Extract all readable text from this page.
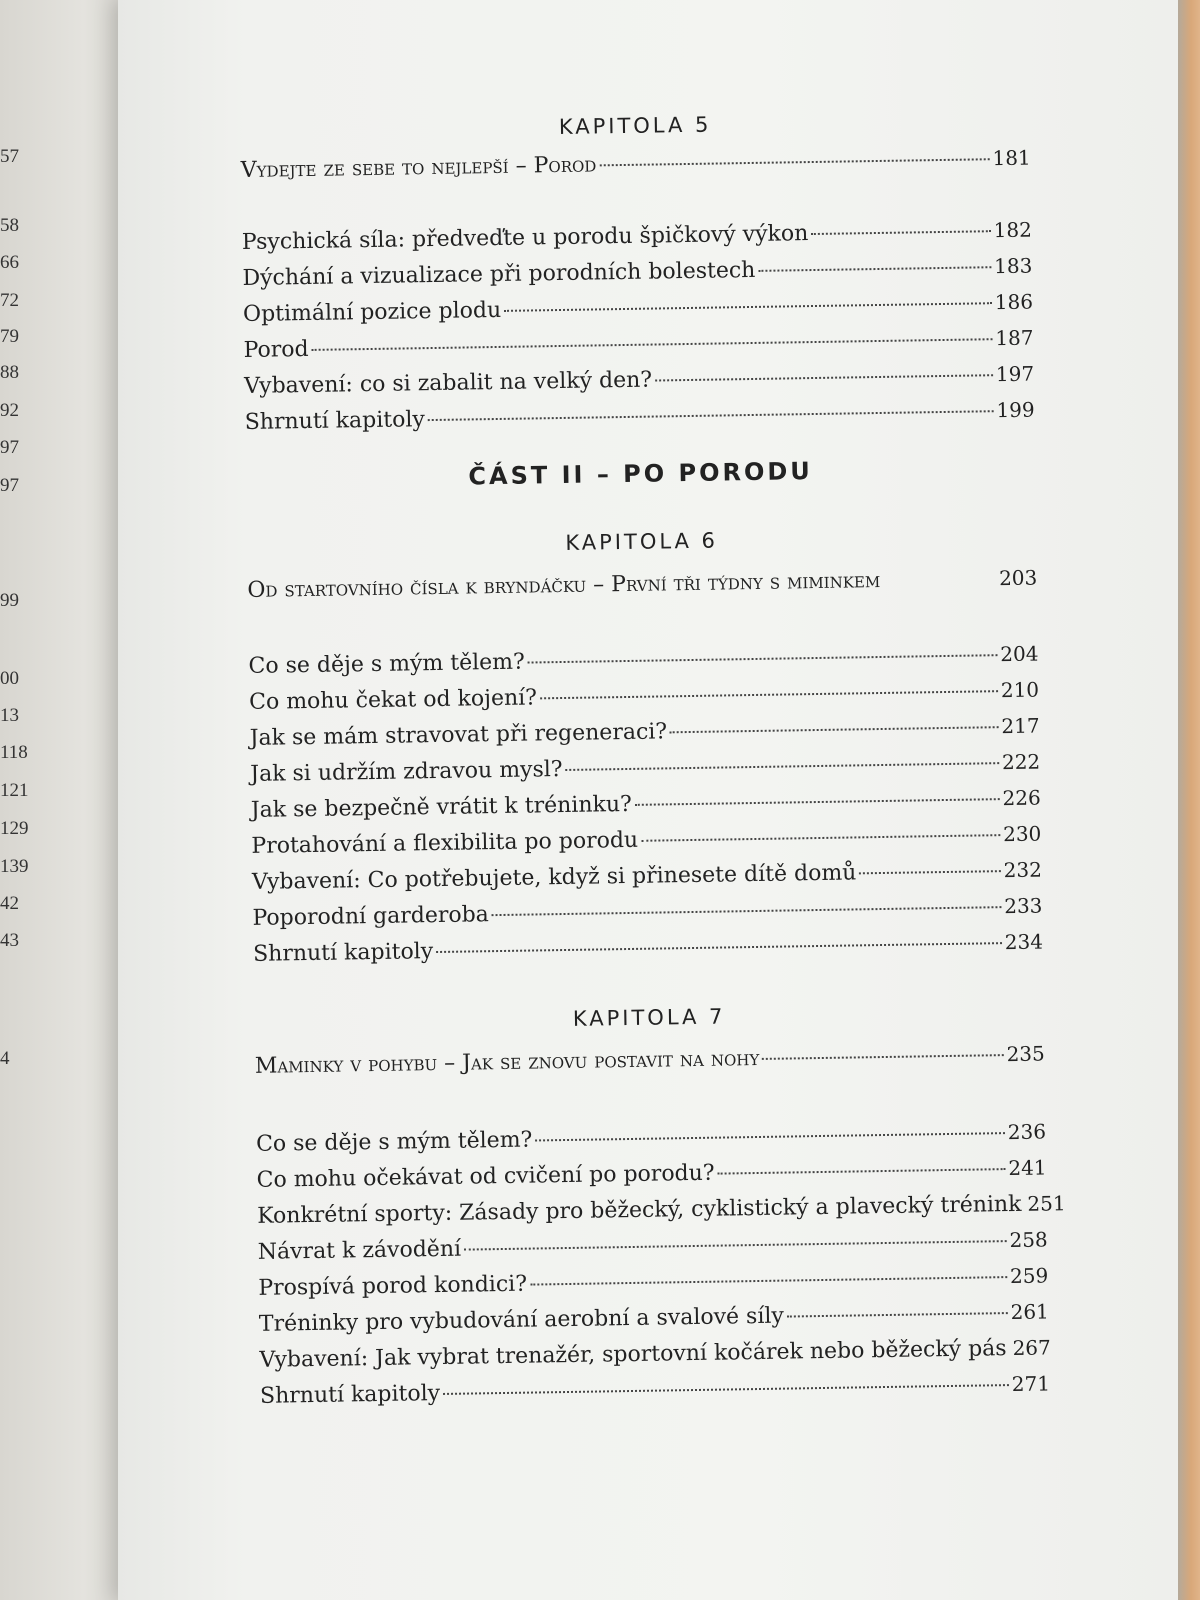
57
58
66
72
79
88
92
97
97
99
00
13
118
121
129
139
42
43
4
KAPITOLA 5
Vydejte ze sebe to nejlepší – Porod	181
Psychická síla: předveďte u porodu špičkový výkon	182
Dýchání a vizualizace při porodních bolestech	183
Optimální pozice plodu	186
Porod	187
Vybavení: co si zabalit na velký den?	197
Shrnutí kapitoly	199
ČÁST II – PO PORODU
KAPITOLA 6
Od startovního čísla k bryndáčku – První tři týdny s miminkem	203
Co se děje s mým tělem?	204
Co mohu čekat od kojení?	210
Jak se mám stravovat při regeneraci?	217
Jak si udržím zdravou mysl?	222
Jak se bezpečně vrátit k tréninku?	226
Protahování a flexibilita po porodu	230
Vybavení: Co potřebujete, když si přinesete dítě domů	232
Poporodní garderoba	233
Shrnutí kapitoly	234
KAPITOLA 7
Maminky v pohybu – Jak se znovu postavit na nohy	235
Co se děje s mým tělem?	236
Co mohu očekávat od cvičení po porodu?	241
Konkrétní sporty: Zásady pro běžecký, cyklistický a plavecký trénink 251
Návrat k závodění	258
Prospívá porod kondici?	259
Tréninky pro vybudování aerobní a svalové síly	261
Vybavení: Jak vybrat trenažér, sportovní kočárek nebo běžecký pás 267
Shrnutí kapitoly	271
